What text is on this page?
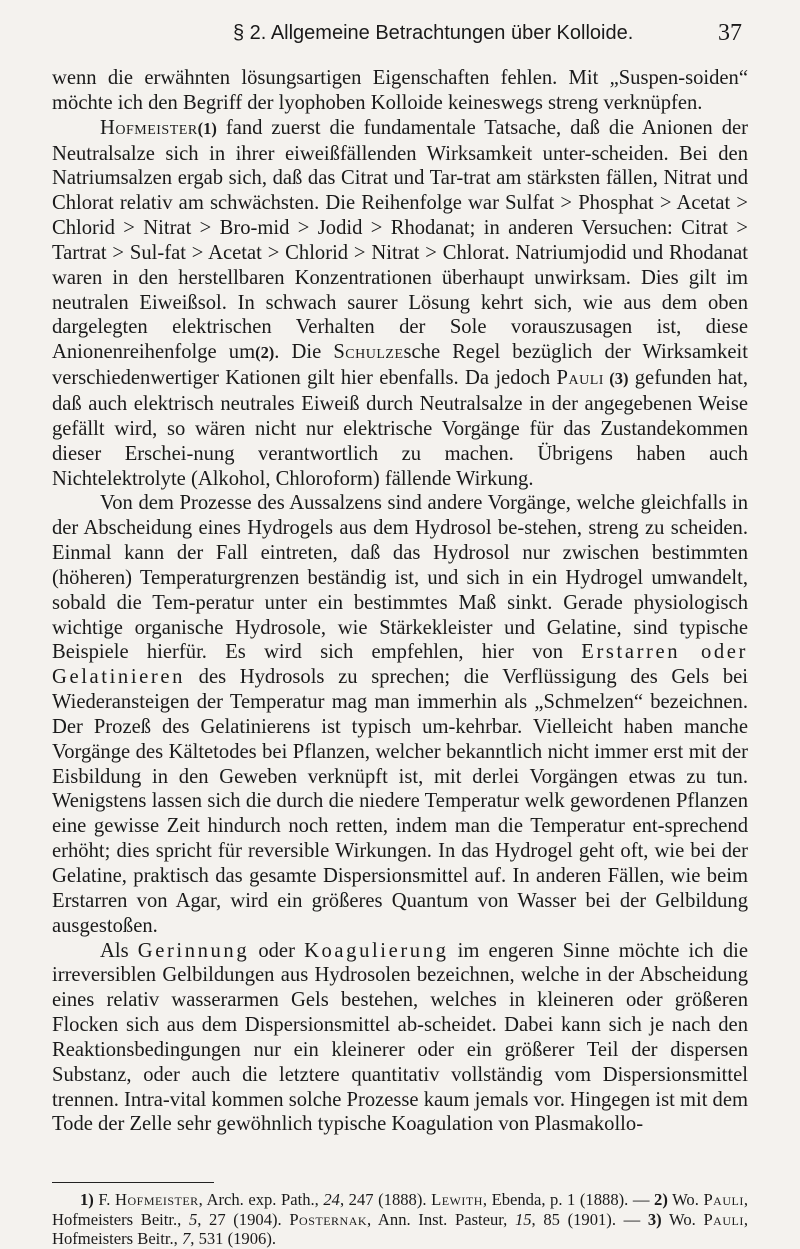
§ 2. Allgemeine Betrachtungen über Kolloide.	37

wenn die erwähnten lösungsartigen Eigenschaften fehlen. Mit „Suspen-soiden“ möchte ich den Begriff der lyophoben Kolloide keineswegs streng verknüpfen.

Hofmeister(1) fand zuerst die fundamentale Tatsache, daß die Anionen der Neutralsalze sich in ihrer eiweißfällenden Wirksamkeit unter-scheiden. Bei den Natriumsalzen ergab sich, daß das Citrat und Tar-trat am stärksten fällen, Nitrat und Chlorat relativ am schwächsten. Die Reihenfolge war Sulfat > Phosphat > Acetat > Chlorid > Nitrat > Bro-mid > Jodid > Rhodanat; in anderen Versuchen: Citrat > Tartrat > Sul-fat > Acetat > Chlorid > Nitrat > Chlorat. Natriumjodid und Rhodanat waren in den herstellbaren Konzentrationen überhaupt unwirksam. Dies gilt im neutralen Eiweißsol. In schwach saurer Lösung kehrt sich, wie aus dem oben dargelegten elektrischen Verhalten der Sole vorauszusagen ist, diese Anionenreihenfolge um(2). Die Schulzesche Regel bezüglich der Wirksamkeit verschiedenwertiger Kationen gilt hier ebenfalls. Da jedoch Pauli (3) gefunden hat, daß auch elektrisch neutrales Eiweiß durch Neutralsalze in der angegebenen Weise gefällt wird, so wären nicht nur elektrische Vorgänge für das Zustandekommen dieser Erschei-nung verantwortlich zu machen. Übrigens haben auch Nichtelektrolyte (Alkohol, Chloroform) fällende Wirkung.

Von dem Prozesse des Aussalzens sind andere Vorgänge, welche gleichfalls in der Abscheidung eines Hydrogels aus dem Hydrosol be-stehen, streng zu scheiden. Einmal kann der Fall eintreten, daß das Hydrosol nur zwischen bestimmten (höheren) Temperaturgrenzen beständig ist, und sich in ein Hydrogel umwandelt, sobald die Tem-peratur unter ein bestimmtes Maß sinkt. Gerade physiologisch wichtige organische Hydrosole, wie Stärkekleister und Gelatine, sind typische Beispiele hierfür. Es wird sich empfehlen, hier von Erstarren oder Gelatinieren des Hydrosols zu sprechen; die Verflüssigung des Gels bei Wiederansteigen der Temperatur mag man immerhin als „Schmelzen“ bezeichnen. Der Prozeß des Gelatinierens ist typisch um-kehrbar. Vielleicht haben manche Vorgänge des Kältetodes bei Pflanzen, welcher bekanntlich nicht immer erst mit der Eisbildung in den Geweben verknüpft ist, mit derlei Vorgängen etwas zu tun. Wenigstens lassen sich die durch die niedere Temperatur welk gewordenen Pflanzen eine gewisse Zeit hindurch noch retten, indem man die Temperatur ent-sprechend erhöht; dies spricht für reversible Wirkungen. In das Hydrogel geht oft, wie bei der Gelatine, praktisch das gesamte Dispersionsmittel auf. In anderen Fällen, wie beim Erstarren von Agar, wird ein größeres Quantum von Wasser bei der Gelbildung ausgestoßen.

Als Gerinnung oder Koagulierung im engeren Sinne möchte ich die irreversiblen Gelbildungen aus Hydrosolen bezeichnen, welche in der Abscheidung eines relativ wasserarmen Gels bestehen, welches in kleineren oder größeren Flocken sich aus dem Dispersionsmittel ab-scheidet. Dabei kann sich je nach den Reaktionsbedingungen nur ein kleinerer oder ein größerer Teil der dispersen Substanz, oder auch die letztere quantitativ vollständig vom Dispersionsmittel trennen. Intra-vital kommen solche Prozesse kaum jemals vor. Hingegen ist mit dem Tode der Zelle sehr gewöhnlich typische Koagulation von Plasmakollo-

1) F. Hofmeister, Arch. exp. Path., 24, 247 (1888). Lewith, Ebenda, p. 1 (1888). — 2) Wo. Pauli, Hofmeisters Beitr., 5, 27 (1904). Posternak, Ann. Inst. Pasteur, 15, 85 (1901). — 3) Wo. Pauli, Hofmeisters Beitr., 7, 531 (1906).
